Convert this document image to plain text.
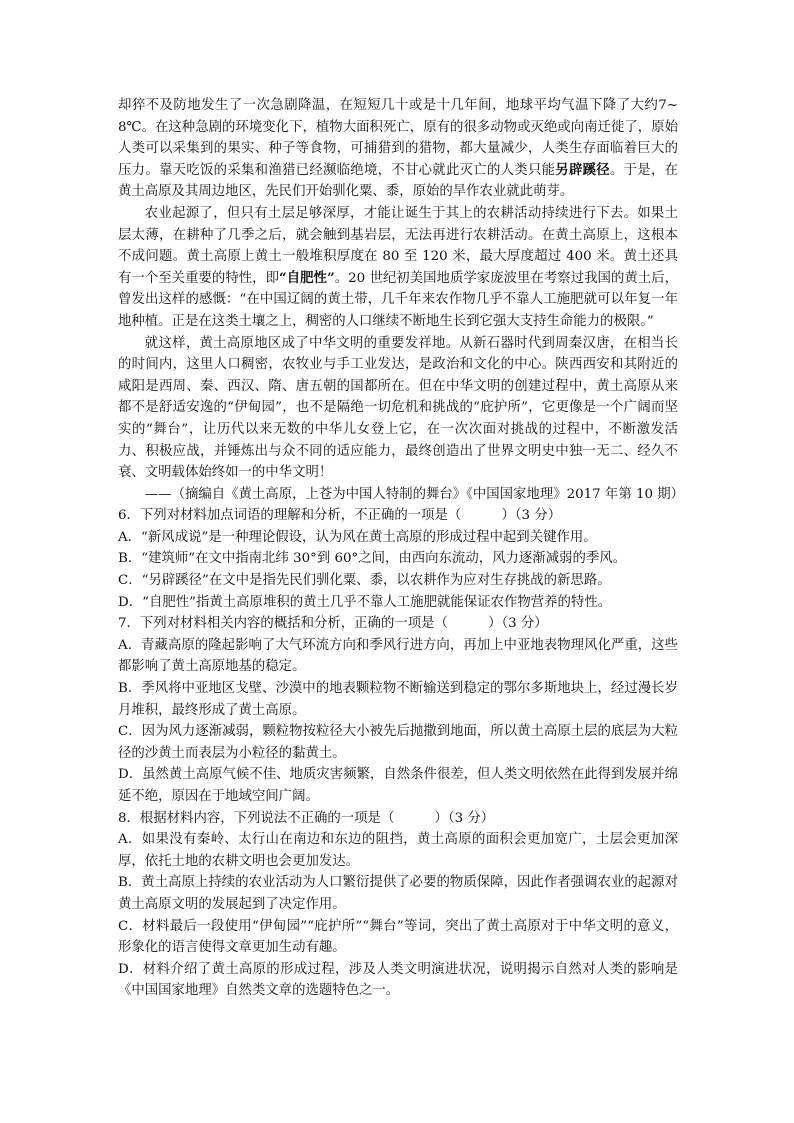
却猝不及防地发生了一次急剧降温，在短短几十或是十几年间，地球平均气温下降了大约7~8℃。在这种急剧的环境变化下，植物大面积死亡，原有的很多动物或灭绝或向南迁徙了，原始人类可以采集到的果实、种子等食物，可捕猎到的猎物，都大量减少，人类生存面临着巨大的压力。靠天吃饭的采集和渔猎已经濒临绝境，不甘心就此灭亡的人类只能另辟蹊径。于是，在黄土高原及其周边地区，先民们开始驯化粟、黍，原始的旱作农业就此萌芽。

农业起源了，但只有土层足够深厚，才能让诞生于其上的农耕活动持续进行下去。如果土层太薄，在耕种了几季之后，就会触到基岩层，无法再进行农耕活动。在黄土高原上，这根本不成问题。黄土高原上黄土一般堆积厚度在 80 至 120 米，最大厚度超过 400 米。黄土还具有一个至关重要的特性，即“自肥性”。20 世纪初美国地质学家庞波里在考察过我国的黄土后，曾发出这样的感慨：“在中国辽阔的黄土带，几千年来农作物几乎不靠人工施肥就可以年复一年地种植。正是在这类土壤之上，稠密的人口继续不断地生长到它强大支持生命能力的极限。”

就这样，黄土高原地区成了中华文明的重要发祥地。从新石器时代到周秦汉唐，在相当长的时间内，这里人口稠密，农牧业与手工业发达，是政治和文化的中心。陕西西安和其附近的咸阳是西周、秦、西汉、隋、唐五朝的国都所在。但在中华文明的创建过程中，黄土高原从来都不是舒适安逸的“伊甸园”，也不是隔绝一切危机和挑战的“庇护所”，它更像是一个广阔而坚实的“舞台”，让历代以来无数的中华儿女登上它，在一次次面对挑战的过程中，不断激发活力、积极应战，并锤炼出与众不同的适应能力，最终创造出了世界文明史中独一无二、经久不衰、文明载体始终如一的中华文明！

——（摘编自《黄土高原，上苍为中国人特制的舞台》《中国国家地理》2017 年第 10 期）

6．下列对材料加点词语的理解和分析，不正确的一项是（　　　）（3 分）

A．“新风成说”是一种理论假设，认为风在黄土高原的形成过程中起到关键作用。

B．“建筑师”在文中指南北纬 30°到 60°之间，由西向东流动，风力逐渐减弱的季风。

C．“另辟蹊径”在文中是指先民们驯化粟、黍，以农耕作为应对生存挑战的新思路。

D．“自肥性”指黄土高原堆积的黄土几乎不靠人工施肥就能保证农作物营养的特性。

7．下列对材料相关内容的概括和分析，正确的一项是（　　　）（3 分）

A．青藏高原的隆起影响了大气环流方向和季风行进方向，再加上中亚地表物理风化严重，这些都影响了黄土高原地基的稳定。

B．季风将中亚地区戈壁、沙漠中的地表颗粒物不断输送到稳定的鄂尔多斯地块上，经过漫长岁月堆积，最终形成了黄土高原。

C．因为风力逐渐减弱，颗粒物按粒径大小被先后抛撒到地面，所以黄土高原土层的底层为大粒径的沙黄土而表层为小粒径的黏黄土。

D．虽然黄土高原气候不佳、地质灾害频繁，自然条件很差，但人类文明依然在此得到发展并绵延不绝，原因在于地域空间广阔。

8．根据材料内容，下列说法不正确的一项是（　　　）（3 分）

A．如果没有秦岭、太行山在南边和东边的阻挡，黄土高原的面积会更加宽广，土层会更加深厚，依托土地的农耕文明也会更加发达。

B．黄土高原上持续的农业活动为人口繁衍提供了必要的物质保障，因此作者强调农业的起源对黄土高原文明的发展起到了决定作用。

C．材料最后一段使用“伊甸园”“庇护所”“舞台”等词，突出了黄土高原对于中华文明的意义，形象化的语言使得文章更加生动有趣。

D．材料介绍了黄土高原的形成过程，涉及人类文明演进状况，说明揭示自然对人类的影响是《中国国家地理》自然类文章的选题特色之一。
